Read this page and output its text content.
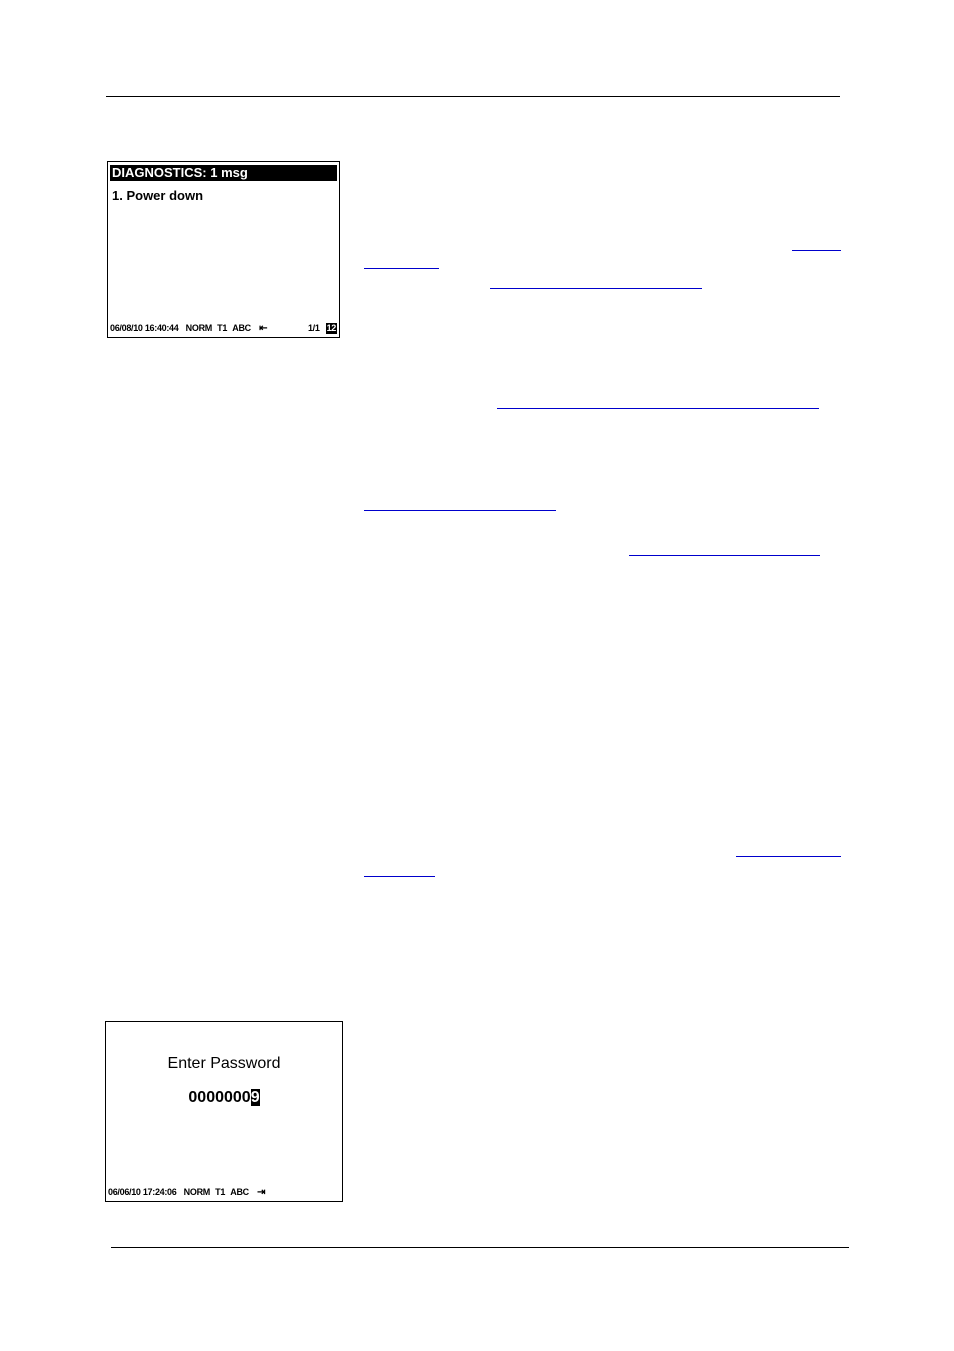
DIAGNOSTICS: 1 msg
1. Power down
06/08/10 16:40:44 NORM T1 ABC ⇤	1/1 12
Enter Password
00000009
06/06/10 17:24:06 NORM T1 ABC ⇥
